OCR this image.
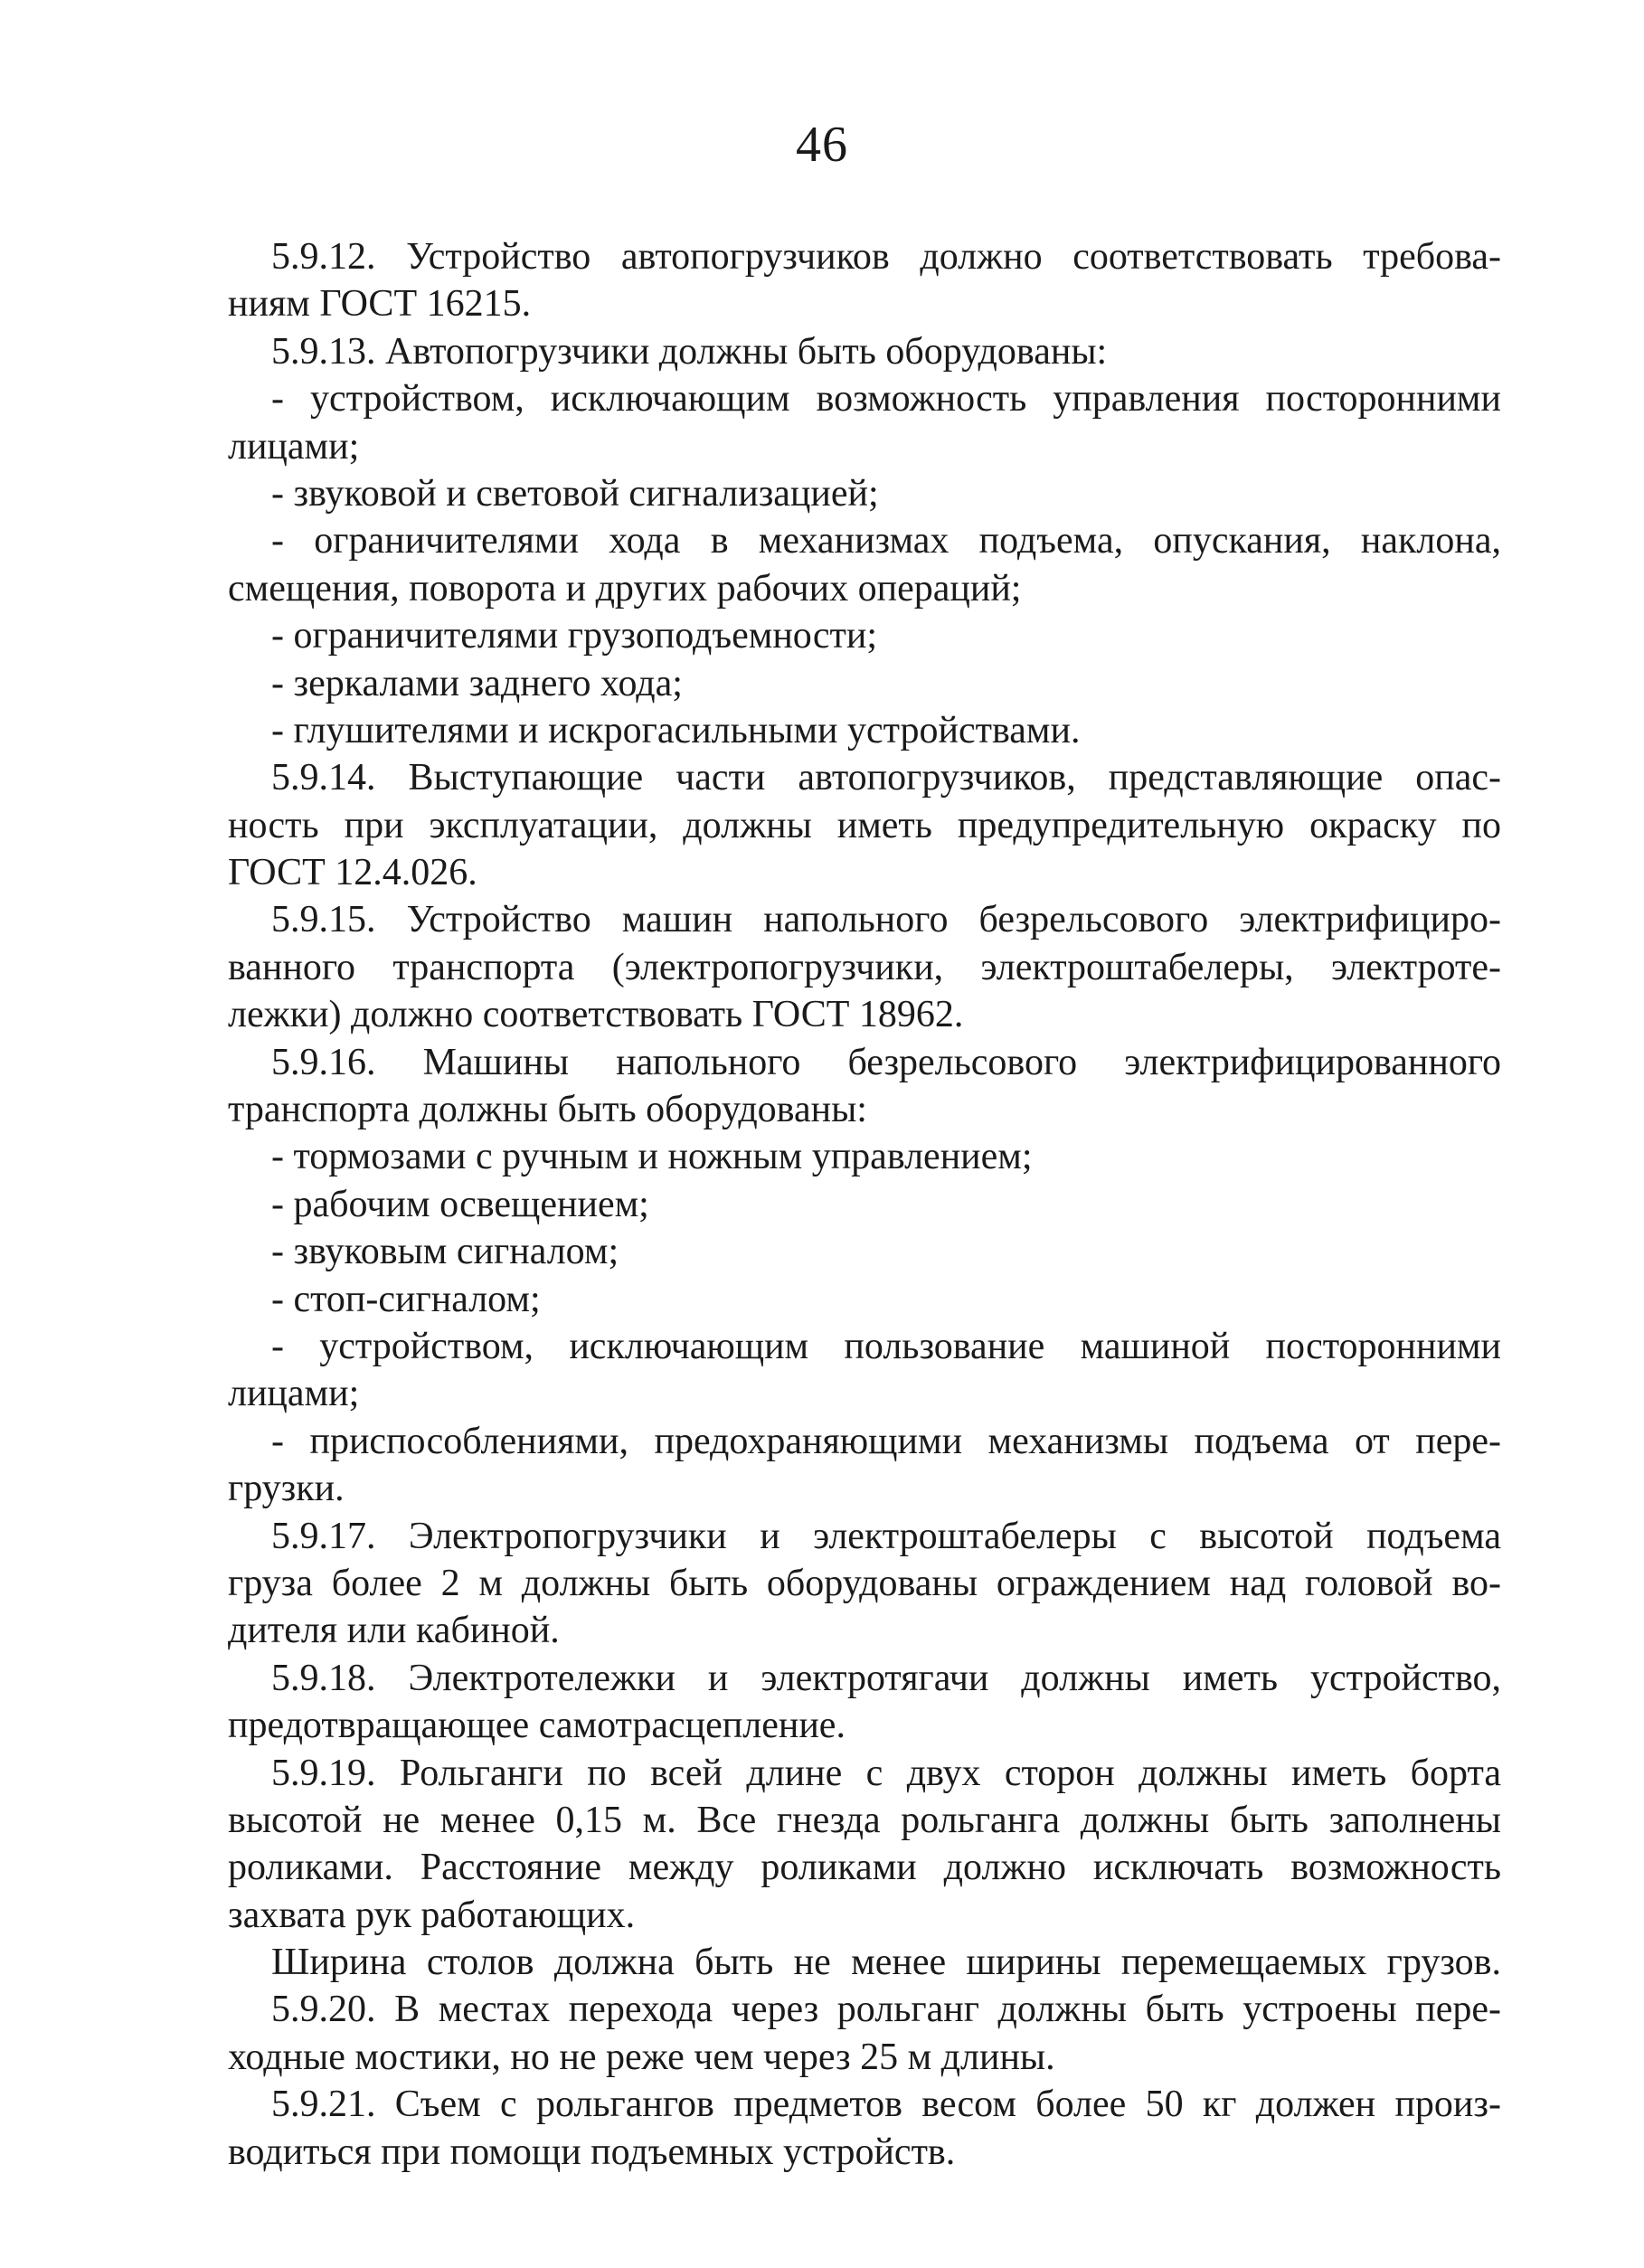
46
5.9.12. Устройство автопогрузчиков должно соответствовать требова-
ниям ГОСТ 16215.
5.9.13. Автопогрузчики должны быть оборудованы:
- устройством, исключающим возможность управления посторонними
лицами;
- звуковой и световой сигнализацией;
- ограничителями хода в механизмах подъема, опускания, наклона,
смещения, поворота и других рабочих операций;
- ограничителями грузоподъемности;
- зеркалами заднего хода;
- глушителями и искрогасильными устройствами.
5.9.14. Выступающие части автопогрузчиков, представляющие опас-
ность при эксплуатации, должны иметь предупредительную окраску по
ГОСТ 12.4.026.
5.9.15. Устройство машин напольного безрельсового электрифициро-
ванного транспорта (электропогрузчики, электроштабелеры, электроте-
лежки) должно соответствовать ГОСТ 18962.
5.9.16. Машины напольного безрельсового электрифицированного
транспорта должны быть оборудованы:
- тормозами с ручным и ножным управлением;
- рабочим освещением;
- звуковым сигналом;
- стоп-сигналом;
- устройством, исключающим пользование машиной посторонними
лицами;
- приспособлениями, предохраняющими механизмы подъема от пере-
грузки.
5.9.17. Электропогрузчики и электроштабелеры с высотой подъема
груза более 2 м должны быть оборудованы ограждением над головой во-
дителя или кабиной.
5.9.18. Электротележки и электротягачи должны иметь устройство,
предотвращающее самотрасцепление.
5.9.19. Рольганги по всей длине с двух сторон должны иметь борта
высотой не менее 0,15 м. Все гнезда рольганга должны быть заполнены
роликами. Расстояние между роликами должно исключать возможность
захвата рук работающих.
Ширина столов должна быть не менее ширины перемещаемых грузов.
5.9.20. В местах перехода через рольганг должны быть устроены пере-
ходные мостики, но не реже чем через 25 м длины.
5.9.21. Съем с рольгангов предметов весом более 50 кг должен произ-
водиться при помощи подъемных устройств.
